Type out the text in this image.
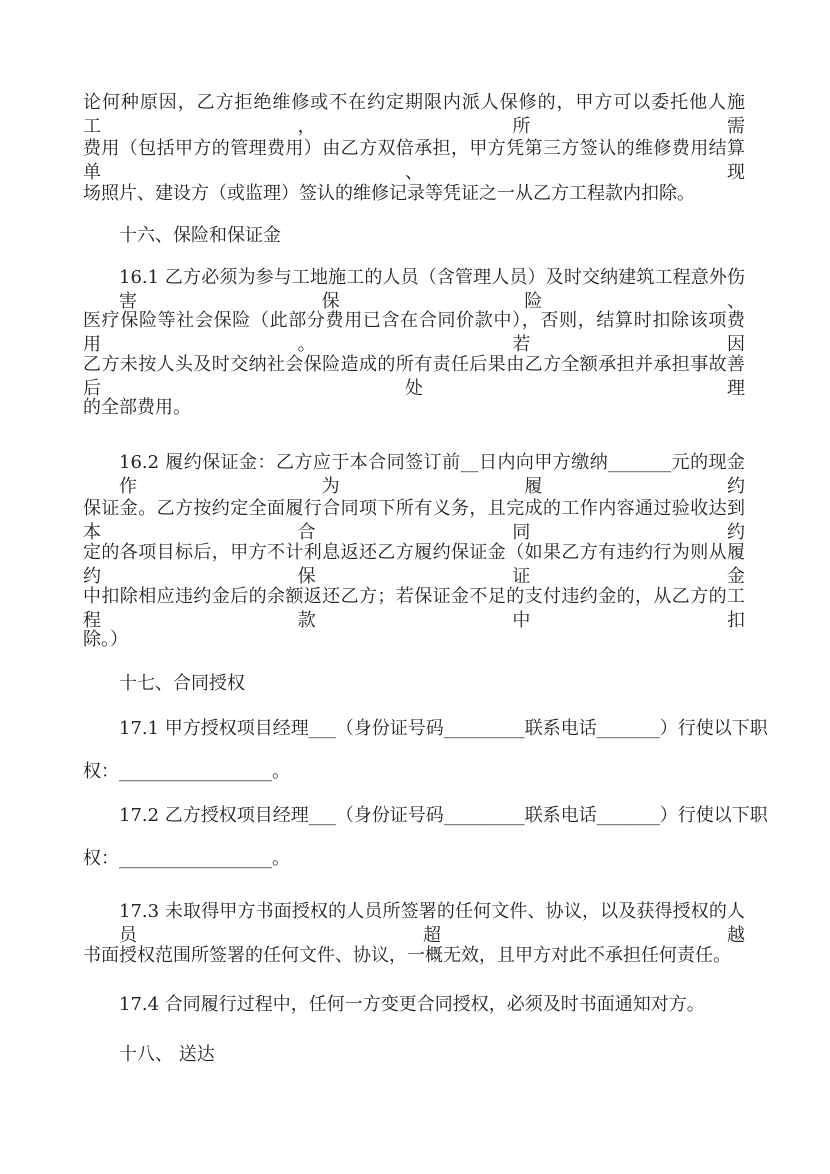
论何种原因，乙方拒绝维修或不在约定期限内派人保修的，甲方可以委托他人施工，所需
费用（包括甲方的管理费用）由乙方双倍承担，甲方凭第三方签认的维修费用结算单、现
场照片、建设方（或监理）签认的维修记录等凭证之一从乙方工程款内扣除。
十六、保险和保证金
16.1 乙方必须为参与工地施工的人员（含管理人员）及时交纳建筑工程意外伤害保险、
医疗保险等社会保险（此部分费用已含在合同价款中），否则，结算时扣除该项费用。若因
乙方未按人头及时交纳社会保险造成的所有责任后果由乙方全额承担并承担事故善后处理
的全部费用。
16.2 履约保证金：乙方应于本合同签订前__日内向甲方缴纳_______元的现金作为履约
保证金。乙方按约定全面履行合同项下所有义务，且完成的工作内容通过验收达到本合同约
定的各项目标后，甲方不计利息返还乙方履约保证金（如果乙方有违约行为则从履约保证金
中扣除相应违约金后的余额返还乙方；若保证金不足的支付违约金的，从乙方的工程款中扣
除。）
十七、合同授权
17.1 甲方授权项目经理___（身份证号码_________联系电话_______）行使以下职
权：_________________。
17.2 乙方授权项目经理___（身份证号码_________联系电话_______）行使以下职
权：_________________。
17.3 未取得甲方书面授权的人员所签署的任何文件、协议，以及获得授权的人员超越
书面授权范围所签署的任何文件、协议，一概无效，且甲方对此不承担任何责任。
17.4 合同履行过程中，任何一方变更合同授权，必须及时书面通知对方。
十八、 送达
